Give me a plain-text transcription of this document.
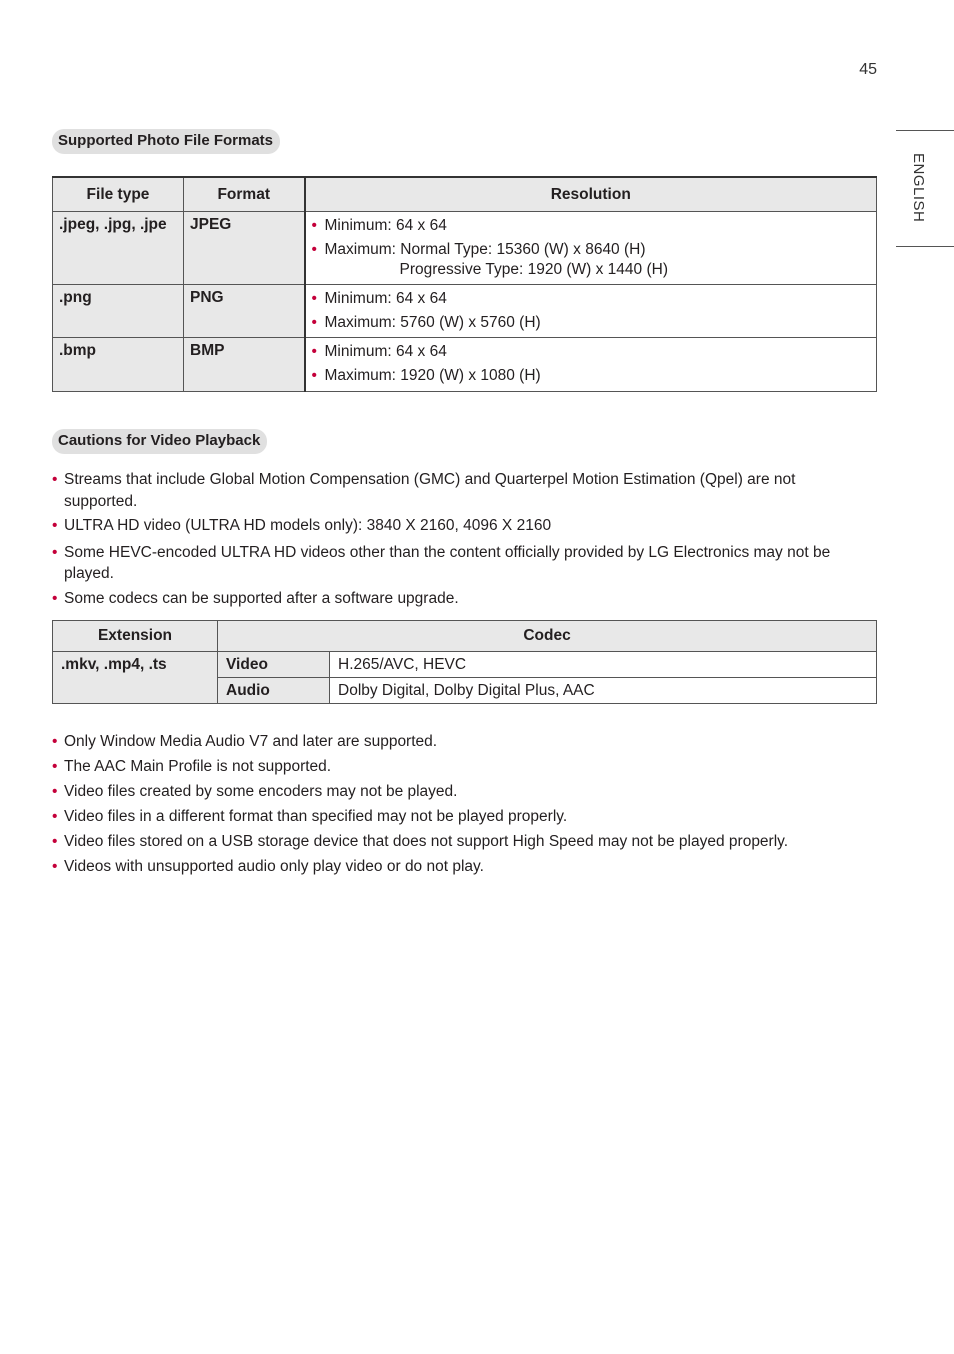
45
ENGLISH
Supported Photo File Formats
File type	Format	Resolution
.jpeg, .jpg, .jpe	JPEG	• Minimum: 64 x 64
• Maximum: Normal Type: 15360 (W) x 8640 (H)
Progressive Type: 1920 (W) x 1440 (H)

.png	PNG	• Minimum: 64 x 64
• Maximum: 5760 (W) x 5760 (H)

.bmp	BMP	• Minimum: 64 x 64
• Maximum: 1920 (W) x 1080 (H)
Cautions for Video Playback
• Streams that include Global Motion Compensation (GMC) and Quarterpel Motion Estimation (Qpel) are not supported.
• ULTRA HD video (ULTRA HD models only): 3840 X 2160, 4096 X 2160
• Some HEVC-encoded ULTRA HD videos other than the content officially provided by LG Electronics may not be played.
• Some codecs can be supported after a software upgrade.
Extension	Codec	
.mkv, .mp4, .ts	Video	H.265/AVC, HEVC
	Audio	Dolby Digital, Dolby Digital Plus, AAC
• Only Window Media Audio V7 and later are supported.
• The AAC Main Profile is not supported.
• Video files created by some encoders may not be played.
• Video files in a different format than specified may not be played properly.
• Video files stored on a USB storage device that does not support High Speed may not be played properly.
• Videos with unsupported audio only play video or do not play.
